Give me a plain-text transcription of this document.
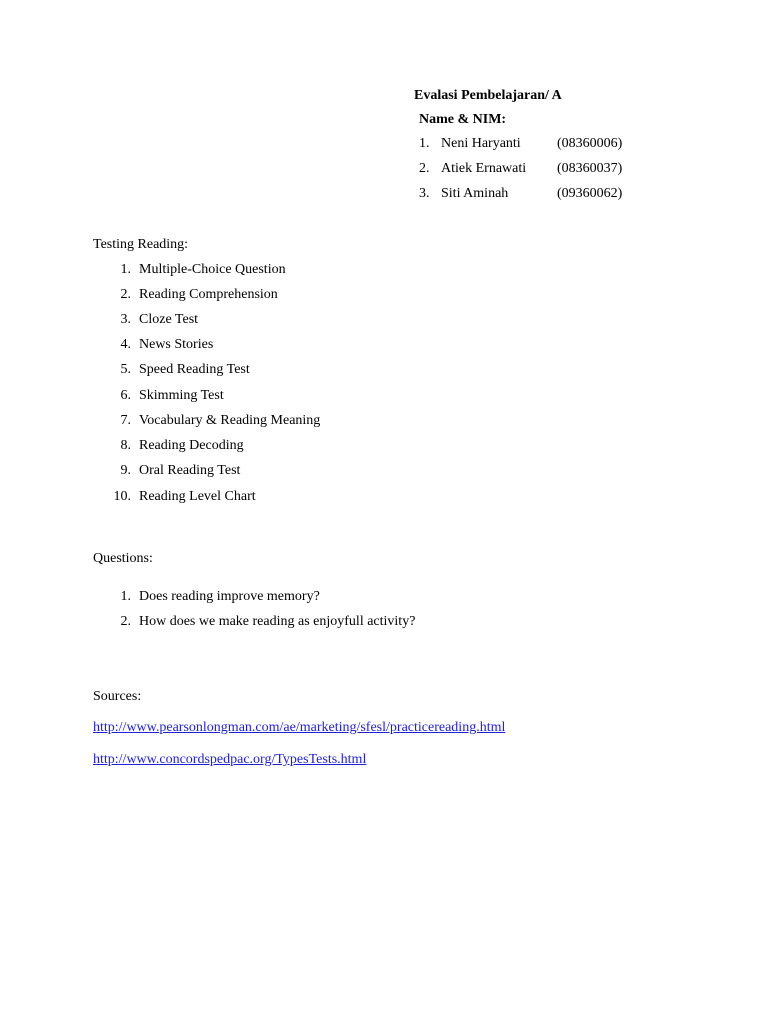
Evalasi Pembelajaran/ A
Name & NIM:
1. Neni Haryanti	(08360006)
2. Atiek Ernawati (08360037)
3. Siti Aminah	(09360062)
Testing Reading:
1. Multiple-Choice Question
2. Reading Comprehension
3. Cloze Test
4. News Stories
5. Speed Reading Test
6. Skimming Test
7. Vocabulary & Reading Meaning
8. Reading Decoding
9. Oral Reading Test
10. Reading Level Chart
Questions:
1. Does reading improve memory?
2. How does we make reading as enjoyfull activity?
Sources:
http://www.pearsonlongman.com/ae/marketing/sfesl/practicereading.html
http://www.concordspedpac.org/TypesTests.html
